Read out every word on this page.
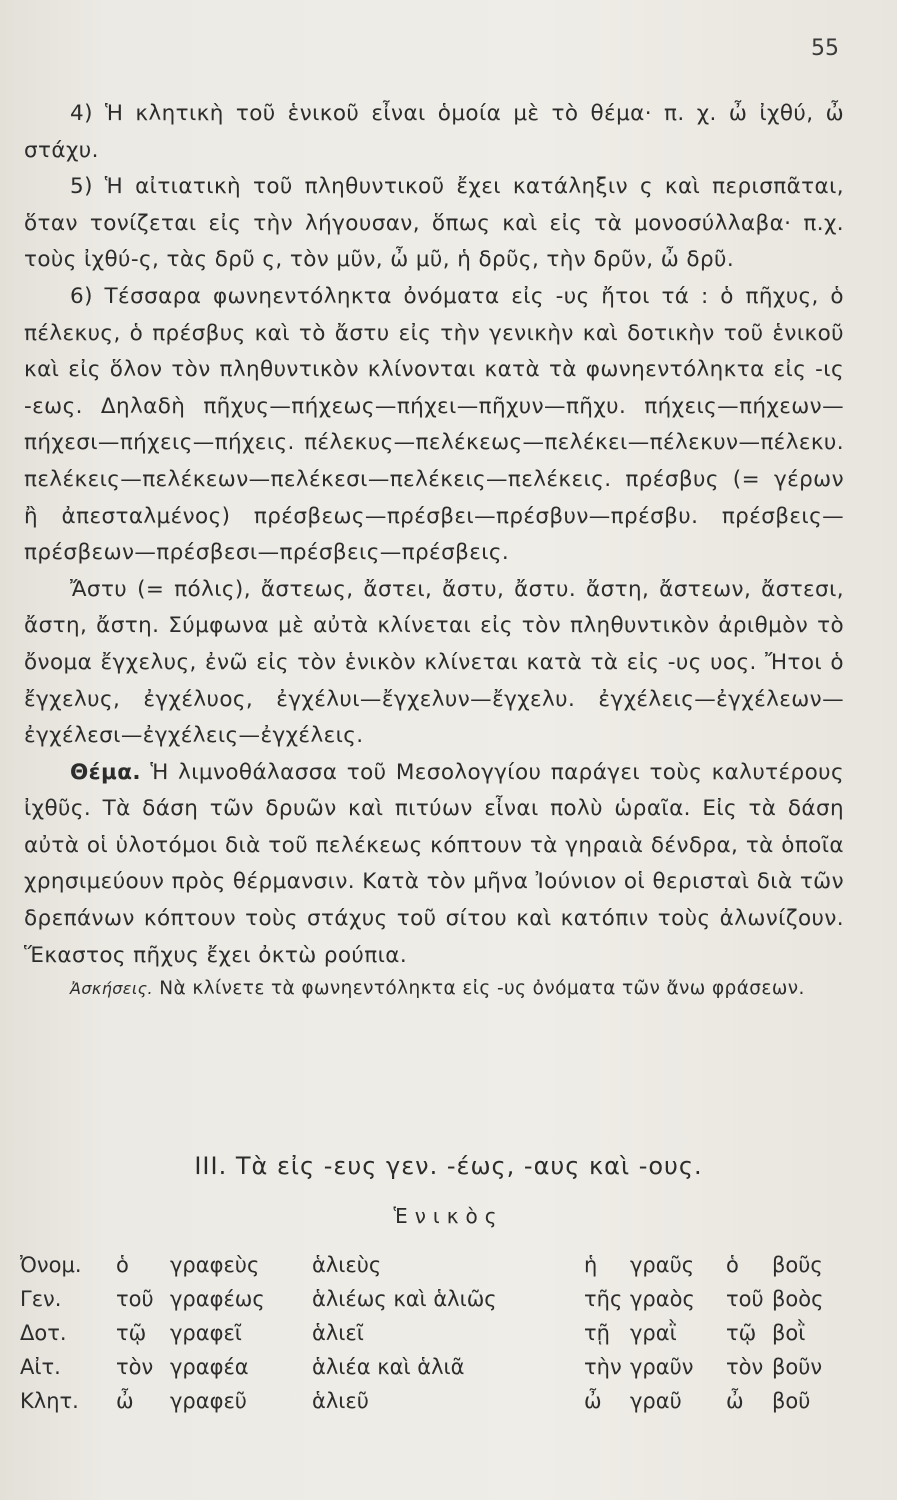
55

4) Ἡ κλητικὴ τοῦ ἑνικοῦ εἶναι ὁμοία μὲ τὸ θέμα· π. χ. ὦ ἰχθύ, ὦ στάχυ.

5) Ἡ αἰτιατικὴ τοῦ πληθυντικοῦ ἔχει κατάληξιν ς καὶ περισπᾶται, ὅταν τονίζεται εἰς τὴν λήγουσαν, ὅπως καὶ εἰς τὰ μονοσύλλαβα· π.χ. τοὺς ἰχθύ-ς, τὰς δρῦ ς, τὸν μῦν, ὦ μῦ, ἡ δρῦς, τὴν δρῦν, ὦ δρῦ.

6) Τέσσαρα φωνηεντόληκτα ὀνόματα εἰς -υς ἤτοι τά : ὁ πῆχυς, ὁ πέλεκυς, ὁ πρέσβυς καὶ τὸ ἄστυ εἰς τὴν γενικὴν καὶ δοτικὴν τοῦ ἑνικοῦ καὶ εἰς ὅλον τὸν πληθυντικὸν κλίνονται κατὰ τὰ φωνηεντόληκτα εἰς -ις -εως. Δηλαδὴ πῆχυς—πήχεως—πήχει—πῆχυν—πῆχυ. πήχεις—πήχεων—πήχεσι—πήχεις—πήχεις. πέλεκυς—πελέκεως—πελέκει—πέλεκυν—πέλεκυ. πελέκεις—πελέκεων—πελέκεσι—πελέκεις—πελέκεις. πρέσβυς (= γέρων ἢ ἀπεσταλμένος) πρέσβεως—πρέσβει—πρέσβυν—πρέσβυ. πρέσβεις—πρέσβεων—πρέσβεσι—πρέσβεις—πρέσβεις.

Ἄστυ (= πόλις), ἄστεως, ἄστει, ἄστυ, ἄστυ. ἄστη, ἄστεων, ἄστεσι, ἄστη, ἄστη. Σύμφωνα μὲ αὐτὰ κλίνεται εἰς τὸν πληθυντικὸν ἀριθμὸν τὸ ὄνομα ἔγχελυς, ἐνῶ εἰς τὸν ἑνικὸν κλίνεται κατὰ τὰ εἰς -υς υος. Ἤτοι ὁ ἔγχελυς, ἐγχέλυος, ἐγχέλυι—ἔγχελυν—ἔγχελυ. ἐγχέλεις—ἐγχέλεων—ἐγχέλεσι—ἐγχέλεις—ἐγχέλεις.

Θέμα. Ἡ λιμνοθάλασσα τοῦ Μεσολογγίου παράγει τοὺς καλυτέρους ἰχθῦς. Τὰ δάση τῶν δρυῶν καὶ πιτύων εἶναι πολὺ ὡραῖα. Εἰς τὰ δάση αὐτὰ οἱ ὑλοτόμοι διὰ τοῦ πελέκεως κόπτουν τὰ γηραιὰ δένδρα, τὰ ὁποῖα χρησιμεύουν πρὸς θέρμανσιν. Κατὰ τὸν μῆνα Ἰούνιον οἱ θερισταὶ διὰ τῶν δρεπάνων κόπτουν τοὺς στάχυς τοῦ σίτου καὶ κατόπιν τοὺς ἀλωνίζουν. Ἕκαστος πῆχυς ἔχει ὀκτὼ ρούπια.

Ἀσκήσεις. Νὰ κλίνετε τὰ φωνηεντόληκτα εἰς -υς ὀνόματα τῶν ἄνω φράσεων.

ΙΙΙ. Τὰ εἰς -ευς γεν. -έως, -αυς καὶ -ους.
Ἑνικὸς
Ὀνομ.	ὁ	γραφεὺς	ἁλιεὺς	ἡ	γραῦς	ὁ	βοῦς
Γεν.	τοῦ	γραφέως	ἁλιέως καὶ ἁλιῶς	τῆς	γραὸς	τοῦ	βοὸς
Δοτ.	τῷ	γραφεῖ	ἁλιεῖ	τῇ	γραῒ	τῷ	βοῒ
Αἰτ.	τὸν	γραφέα	ἁλιέα καὶ ἁλιᾶ	τὴν	γραῦν	τὸν	βοῦν
Κλητ.	ὦ	γραφεῦ	ἁλιεῦ	ὦ	γραῦ	ὦ	βοῦ
